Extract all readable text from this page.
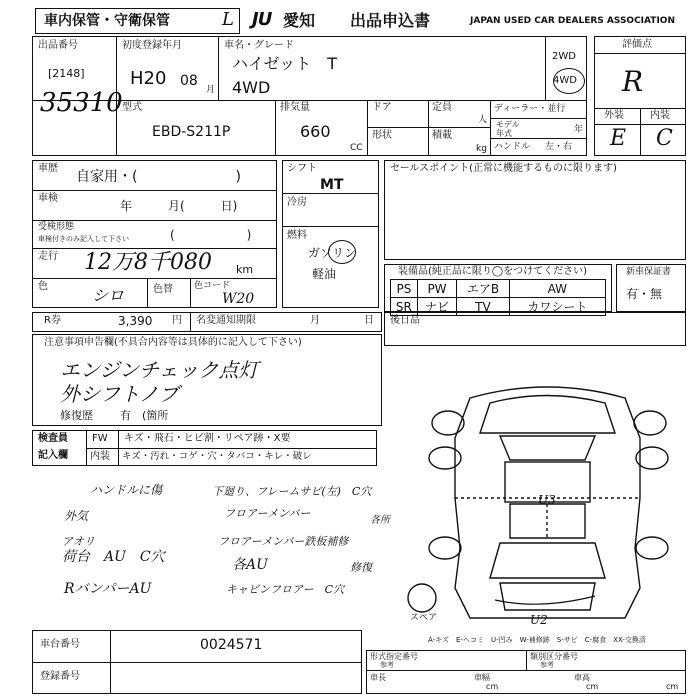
車内保管・守衛保管	L JU 愛知 出品申込書	JAPAN USED CAR DEALERS ASSOCIATION
出品番号
[2148]
35310
初度登録年月
H20 08
月
車名・グレード
ハイゼット　T
4WD
2WD
4WD
型式
EBD-S211P
排気量
660
CC
ドア
形状
定員
人
積載
kg
ディーラー・並行
モデル
年式	年
ハンドル 左・右
評価点
R
外装	内装
E C
車歴
自家用・(　　　　　　　)
車検
年　　　月(　　　日)
受検形態
車検付きのみ記入して下さい	(　　　　　　)
走行 12万8千080 km
色	シロ	色替 色コード
W20
シフト
MT
冷房
燃料
ガソリン
軽油
セールスポイント(正常に機能するものに限ります)
装備品(純正品に限り◯をつけてください)
PS	PW	エアB	AW
SR	ナビ	TV	カワシート
新車保証書
有・無
R券	3,390 円 名変通知期限	月	日 後日品
注意事項申告欄(不具合内容等は具体的に記入して下さい)
エンジンチェック点灯
外シフトノブ
修復歴 有　(箇所
検査員
記入欄
FW キズ・飛石・ヒビ割・リペア跡・X要
内装 キズ・汚れ・コゲ・穴・タバコ・キレ・破レ
ハンドルに傷
外気
アオリ
荷台　AU　C穴
RバンパーAU
下廻り、フレームサビ(左)　C穴
フロアーメンバー
各所
フロアーメンバー鉄板補修
各AU	修復
キャビンフロアー　C穴
U3
U2
スペア
A-キズ　E-ヘコミ　U-凹み　W-補修跡　S-サビ　C-腐食　XX-交換済
車台番号	0024571
登録番号
形式指定番号
参考
類別区分番号
参考
車長
cm
車幅
cm
車高
cm
